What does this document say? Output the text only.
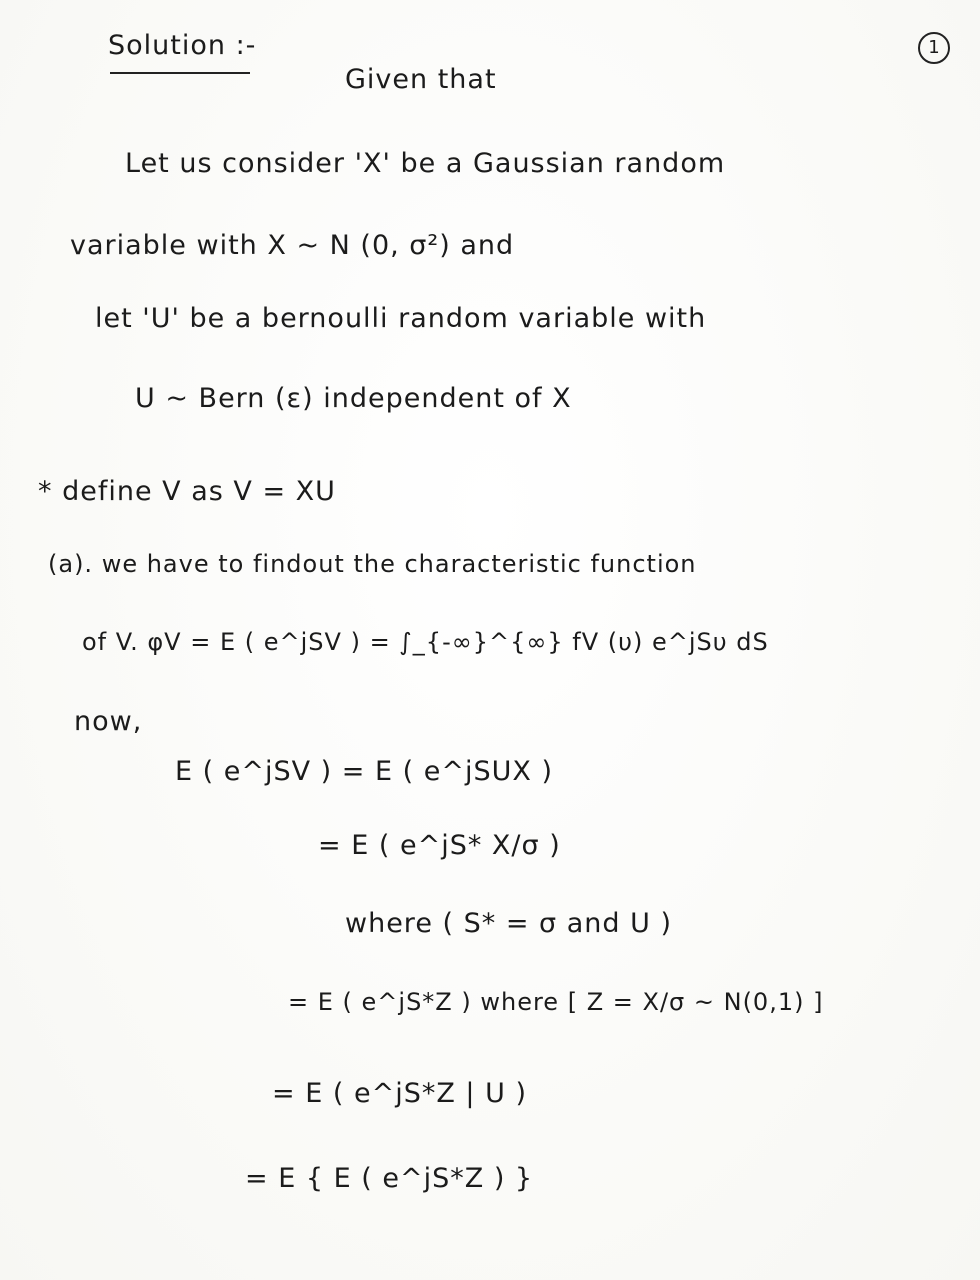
Solution :-	1
Given that
Let us consider 'X' be a Gaussian random
variable with X ~ N (0, σ²) and
let 'U' be a bernoulli random variable with
U ~ Bern (ε) independent of X
* define V as V = XU
(a). we have to findout the characteristic function
of V. φV = E ( e^jSV ) = ∫_{-∞}^{∞} fV (υ) e^jSυ dS
now,
E ( e^jSV ) = E ( e^jSUX )
= E ( e^jS* X/σ )
where ( S* = σ and U )
= E ( e^jS*Z ) where [ Z = X/σ ~ N(0,1) ]
= E ( e^jS*Z | U )
= E { E ( e^jS*Z ) }
